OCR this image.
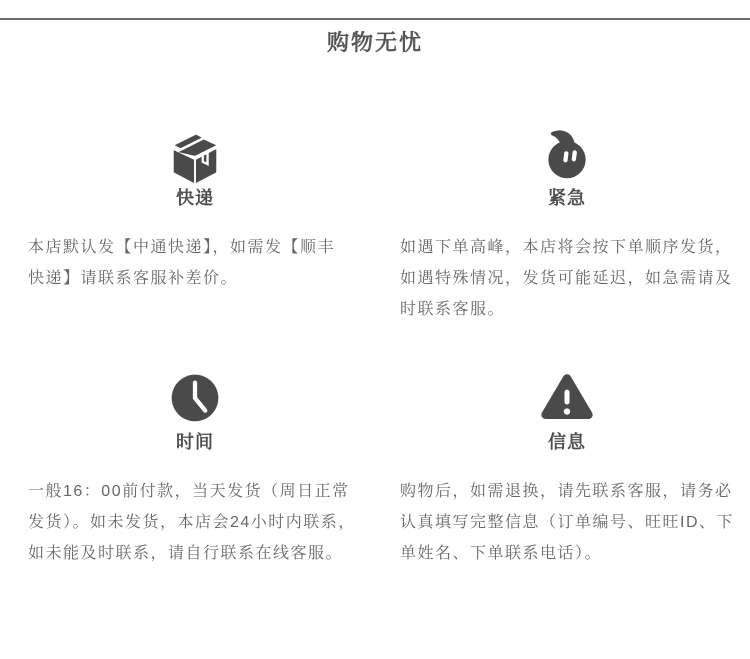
购物无忧
快递
本店默认发【中通快递】，如需发【顺丰
快递】请联系客服补差价。
紧急
如遇下单高峰，本店将会按下单顺序发货，
如遇特殊情况，发货可能延迟，如急需请及
时联系客服。
时间
一般16：00前付款，当天发货（周日正常
发货）。如未发货，本店会24小时内联系，
如未能及时联系，请自行联系在线客服。
信息
购物后，如需退换，请先联系客服，请务必
认真填写完整信息（订单编号、旺旺ID、下
单姓名、下单联系电话）。
